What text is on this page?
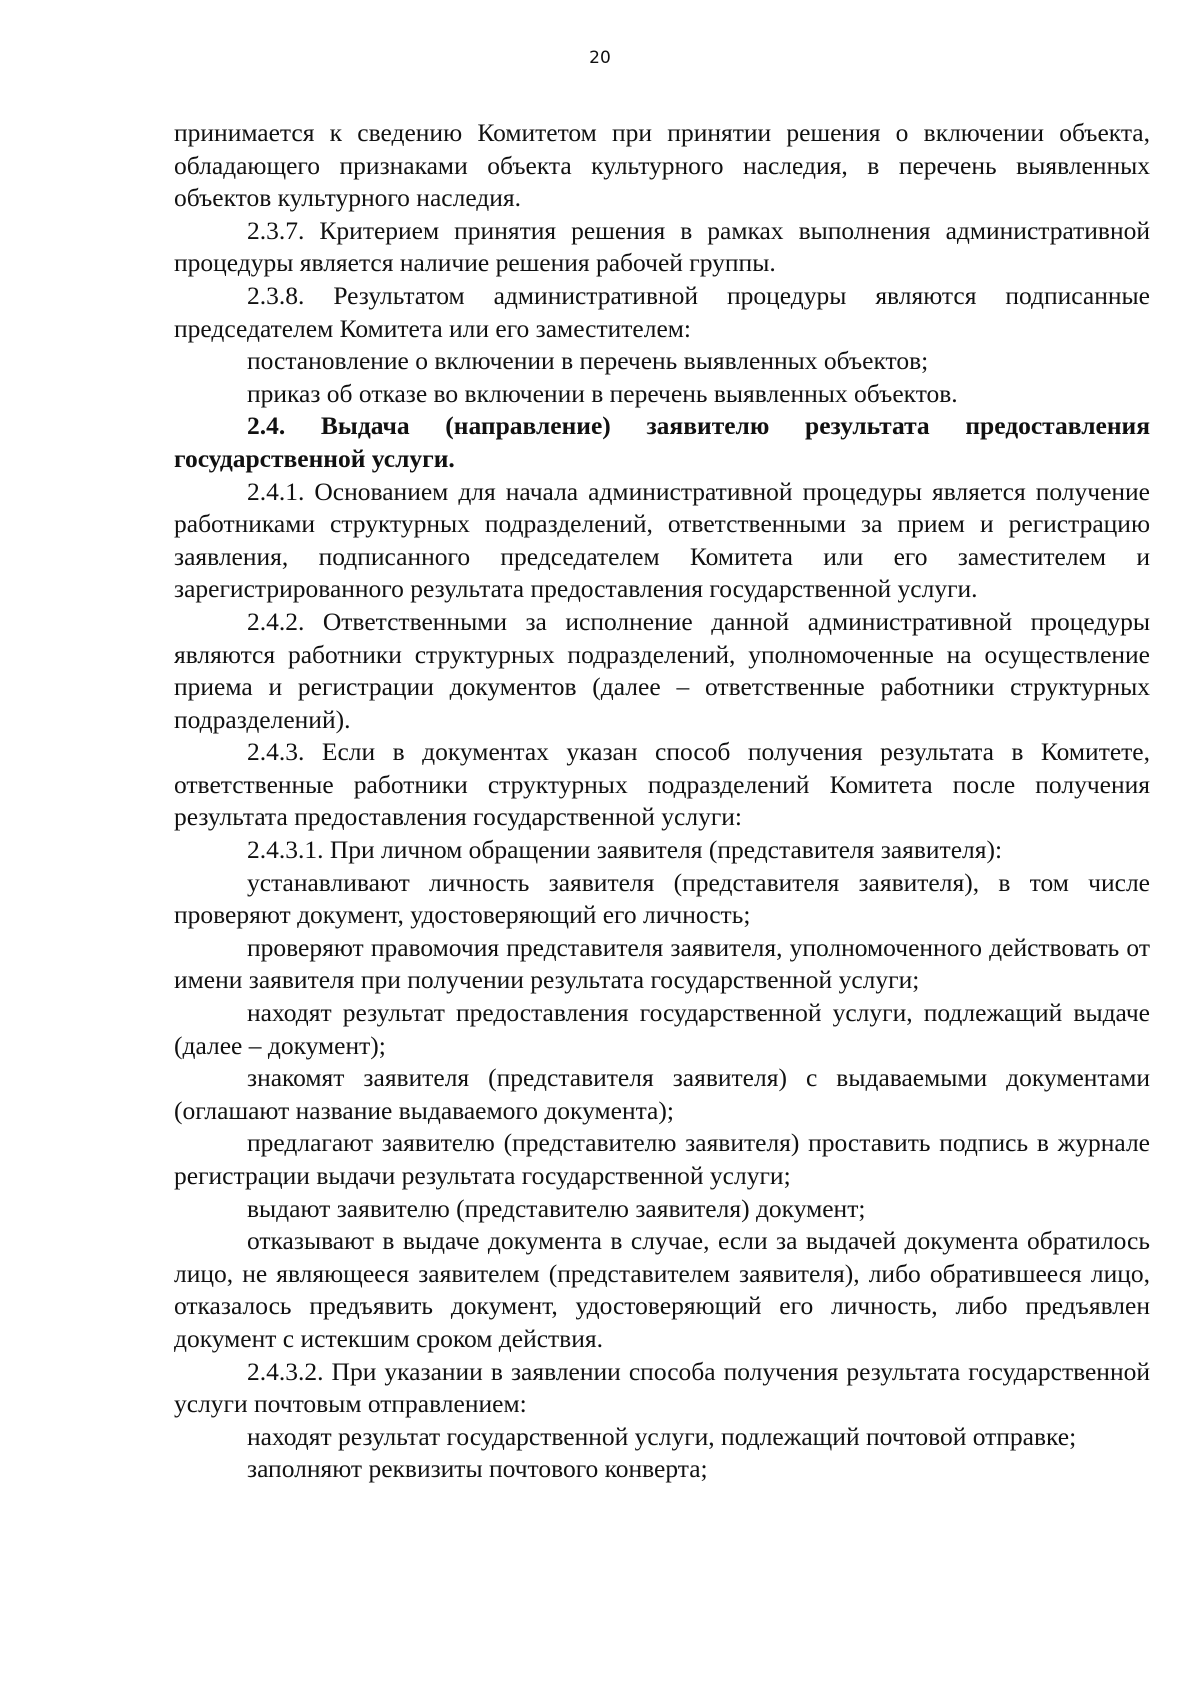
20

принимается к сведению Комитетом при принятии решения о включении объекта, обладающего признаками объекта культурного наследия, в перечень выявленных объектов культурного наследия.

2.3.7. Критерием принятия решения в рамках выполнения административной процедуры является наличие решения рабочей группы.

2.3.8. Результатом административной процедуры являются подписанные председателем Комитета или его заместителем:

постановление о включении в перечень выявленных объектов;

приказ об отказе во включении в перечень выявленных объектов.

2.4. Выдача (направление) заявителю результата предоставления государственной услуги.

2.4.1. Основанием для начала административной процедуры является получение работниками структурных подразделений, ответственными за прием и регистрацию заявления, подписанного председателем Комитета или его заместителем и зарегистрированного результата предоставления государственной услуги.

2.4.2. Ответственными за исполнение данной административной процедуры являются работники структурных подразделений, уполномоченные на осуществление приема и регистрации документов (далее – ответственные работники структурных подразделений).

2.4.3. Если в документах указан способ получения результата в Комитете, ответственные работники структурных подразделений Комитета после получения результата предоставления государственной услуги:

2.4.3.1. При личном обращении заявителя (представителя заявителя):

устанавливают личность заявителя (представителя заявителя), в том числе проверяют документ, удостоверяющий его личность;

проверяют правомочия представителя заявителя, уполномоченного действовать от имени заявителя при получении результата государственной услуги;

находят результат предоставления государственной услуги, подлежащий выдаче (далее – документ);

знакомят заявителя (представителя заявителя) с выдаваемыми документами (оглашают название выдаваемого документа);

предлагают заявителю (представителю заявителя) проставить подпись в журнале регистрации выдачи результата государственной услуги;

выдают заявителю (представителю заявителя) документ;

отказывают в выдаче документа в случае, если за выдачей документа обратилось лицо, не являющееся заявителем (представителем заявителя), либо обратившееся лицо, отказалось предъявить документ, удостоверяющий его личность, либо предъявлен документ с истекшим сроком действия.

2.4.3.2. При указании в заявлении способа получения результата государственной услуги почтовым отправлением:

находят результат государственной услуги, подлежащий почтовой отправке;

заполняют реквизиты почтового конверта;
